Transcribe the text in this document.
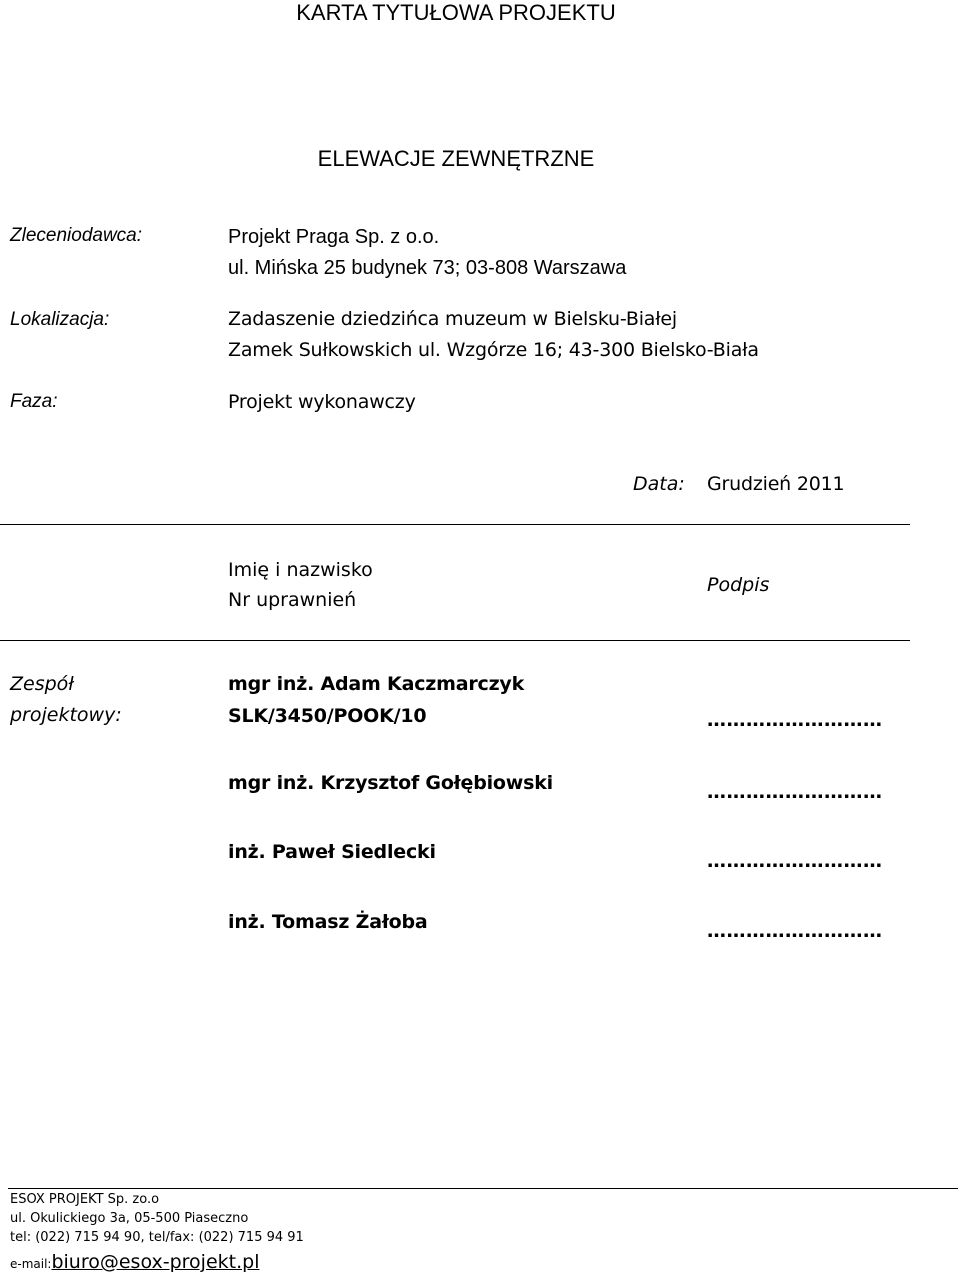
KARTA TYTUŁOWA PROJEKTU
ELEWACJE ZEWNĘTRZNE
Zleceniodawca:	Projekt Praga Sp. z o.o.
ul. Mińska 25 budynek 73; 03-808 Warszawa
Lokalizacja:	Zadaszenie dziedzińca muzeum w Bielsku-Białej
Zamek Sułkowskich ul. Wzgórze 16; 43-300 Bielsko-Biała
Faza:	Projekt wykonawczy
Data: Grudzień 2011
Imię i nazwisko
Nr uprawnień
Podpis
Zespół
projektowy:
mgr inż. Adam Kaczmarczyk
SLK/3450/POOK/10	………………………
mgr inż. Krzysztof Gołębiowski	………………………
inż. Paweł Siedlecki	………………………
inż. Tomasz Żałoba	………………………
ESOX PROJEKT Sp. zo.o
ul. Okulickiego 3a, 05-500 Piaseczno
tel: (022) 715 94 90, tel/fax: (022) 715 94 91
e-mail:biuro@esox-projekt.pl
